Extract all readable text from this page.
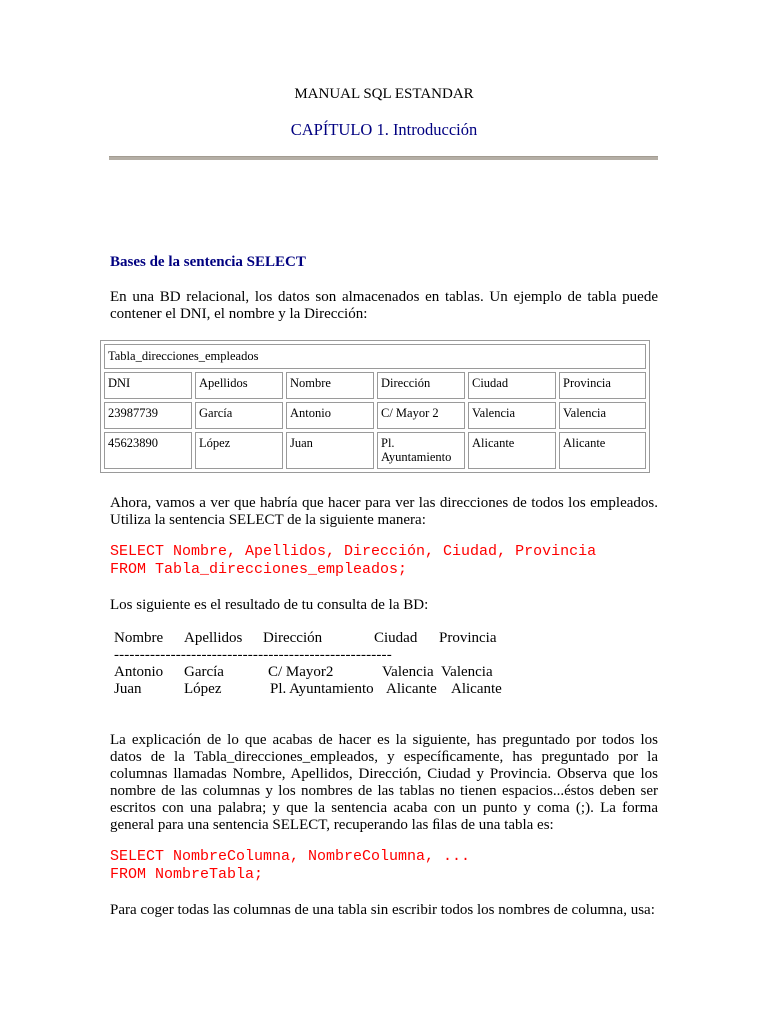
MANUAL SQL ESTANDAR
CAPÍTULO 1. Introducción
Bases de la sentencia SELECT
En una BD relacional, los datos son almacenados en tablas. Un ejemplo de tabla puede contener el DNI, el nombre y la Dirección:
Tabla_direcciones_empleados					
DNI	Apellidos	Nombre	Dirección	Ciudad	Provincia
23987739	García	Antonio	C/ Mayor 2	Valencia	Valencia
45623890	López	Juan	Pl. Ayuntamiento	Alicante	Alicante
Ahora, vamos a ver que habría que hacer para ver las direcciones de todos los empleados. Utiliza la sentencia SELECT de la siguiente manera:
SELECT Nombre, Apellidos, Dirección, Ciudad, Provincia
FROM Tabla_direcciones_empleados;
Los siguiente es el resultado de tu consulta de la BD:
Nombre Apellidos Dirección	Ciudad Provincia
------------------------------------------------------
Antonio García	C/ Mayor2	Valencia Valencia
Juan	López	Pl. Ayuntamiento Alicante Alicante
La explicación de lo que acabas de hacer es la siguiente, has preguntado por todos los datos de la Tabla_direcciones_empleados, y especíﬁcamente, has preguntado por la columnas llamadas Nombre, Apellidos, Dirección, Ciudad y Provincia. Observa que los nombre de las columnas y los nombres de las tablas no tienen espacios...éstos deben ser escritos con una palabra; y que la sentencia acaba con un punto y coma (;). La forma general para una sentencia SELECT, recuperando las ﬁlas de una tabla es:
SELECT NombreColumna, NombreColumna, ...
FROM NombreTabla;
Para coger todas las columnas de una tabla sin escribir todos los nombres de columna, usa:
